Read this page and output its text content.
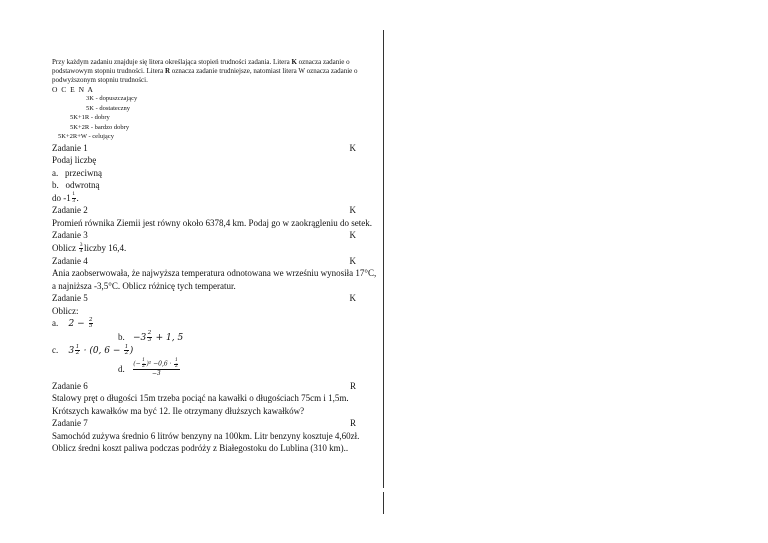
Przy każdym zadaniu znajduje się litera określająca stopień trudności zadania. Litera K oznacza zadanie o podstawowym stopniu trudności. Litera R oznacza zadanie trudniejsze, natomiast litera W oznacza zadanie o podwyższonym stopniu trudności.
O C E N A
3K - dopuszczający
5K - dostateczny
5K+1R - dobry
5K+2R - bardzo dobry
5K+2R+W - celujący
Zadanie 1	K
Podaj liczbę
a.   przeciwną
b.   odwrotną
do $-1 \frac{1}{3}$ .
Zadanie 2	K
Promień równika Ziemii jest równy około 6378,4 km. Podaj go w zaokrągleniu do setek.
Zadanie 3	K
Oblicz $\frac{3}{4}$ liczby 16,4.
Zadanie 4	K
Ania zaobserwowała, że najwyższa temperatura odnotowana we wrześniu wynosiła 17°C, a najniższa -3,5°C. Oblicz różnicę tych temperatur.
Zadanie 5	K
Oblicz:
a. $2 - \frac{2}{5}$
b. $-3 \frac{2}{3} + 1$, 5
c. $3 \frac{1}{2} \cdot (0$, $6 - \frac{1}{2}$ )
d. $\frac{(- \frac{1}{2} )^2 -0,6 \cdot \frac{1}{2}}{-3}$
Zadanie 6	R
Stalowy pręt o długości 15m trzeba pociąć na kawałki o długościach 75cm i 1,5m. Krótszych kawałków ma być 12. Ile otrzymany dłuższych kawałków?
Zadanie 7	R
Samochód zużywa średnio 6 litrów benzyny na 100km. Litr benzyny kosztuje 4,60zł. Oblicz średni koszt paliwa podczas podróży z Białegostoku do Lublina (310 km)..
